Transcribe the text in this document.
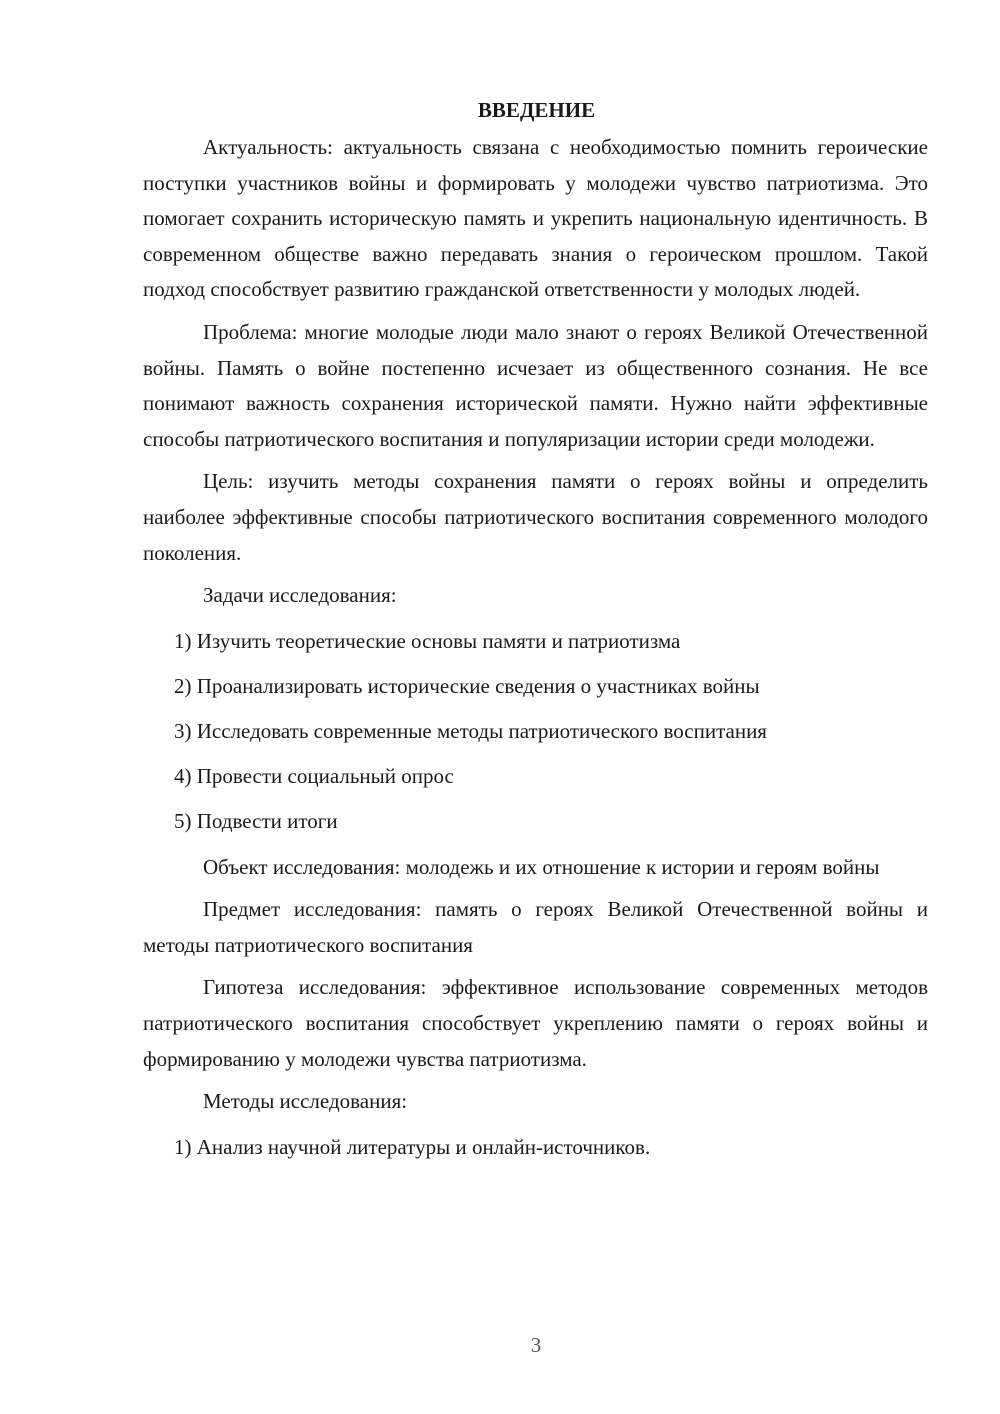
ВВЕДЕНИЕ

Актуальность: актуальность связана с необходимостью помнить героические поступки участников войны и формировать у молодежи чувство патриотизма. Это помогает сохранить историческую память и укрепить национальную идентичность. В современном обществе важно передавать знания о героическом прошлом. Такой подход способствует развитию гражданской ответственности у молодых людей.

Проблема: многие молодые люди мало знают о героях Великой Отечественной войны. Память о войне постепенно исчезает из общественного сознания. Не все понимают важность сохранения исторической памяти. Нужно найти эффективные способы патриотического воспитания и популяризации истории среди молодежи.

Цель: изучить методы сохранения памяти о героях войны и определить наиболее эффективные способы патриотического воспитания современного молодого поколения.

Задачи исследования:

1) Изучить теоретические основы памяти и патриотизма
2) Проанализировать исторические сведения о участниках войны
3) Исследовать современные методы патриотического воспитания
4) Провести социальный опрос
5) Подвести итоги

Объект исследования: молодежь и их отношение к истории и героям войны

Предмет исследования: память о героях Великой Отечественной войны и методы патриотического воспитания

Гипотеза исследования: эффективное использование современных методов патриотического воспитания способствует укреплению памяти о героях войны и формированию у молодежи чувства патриотизма.

Методы исследования:

1) Анализ научной литературы и онлайн-источников.
3
